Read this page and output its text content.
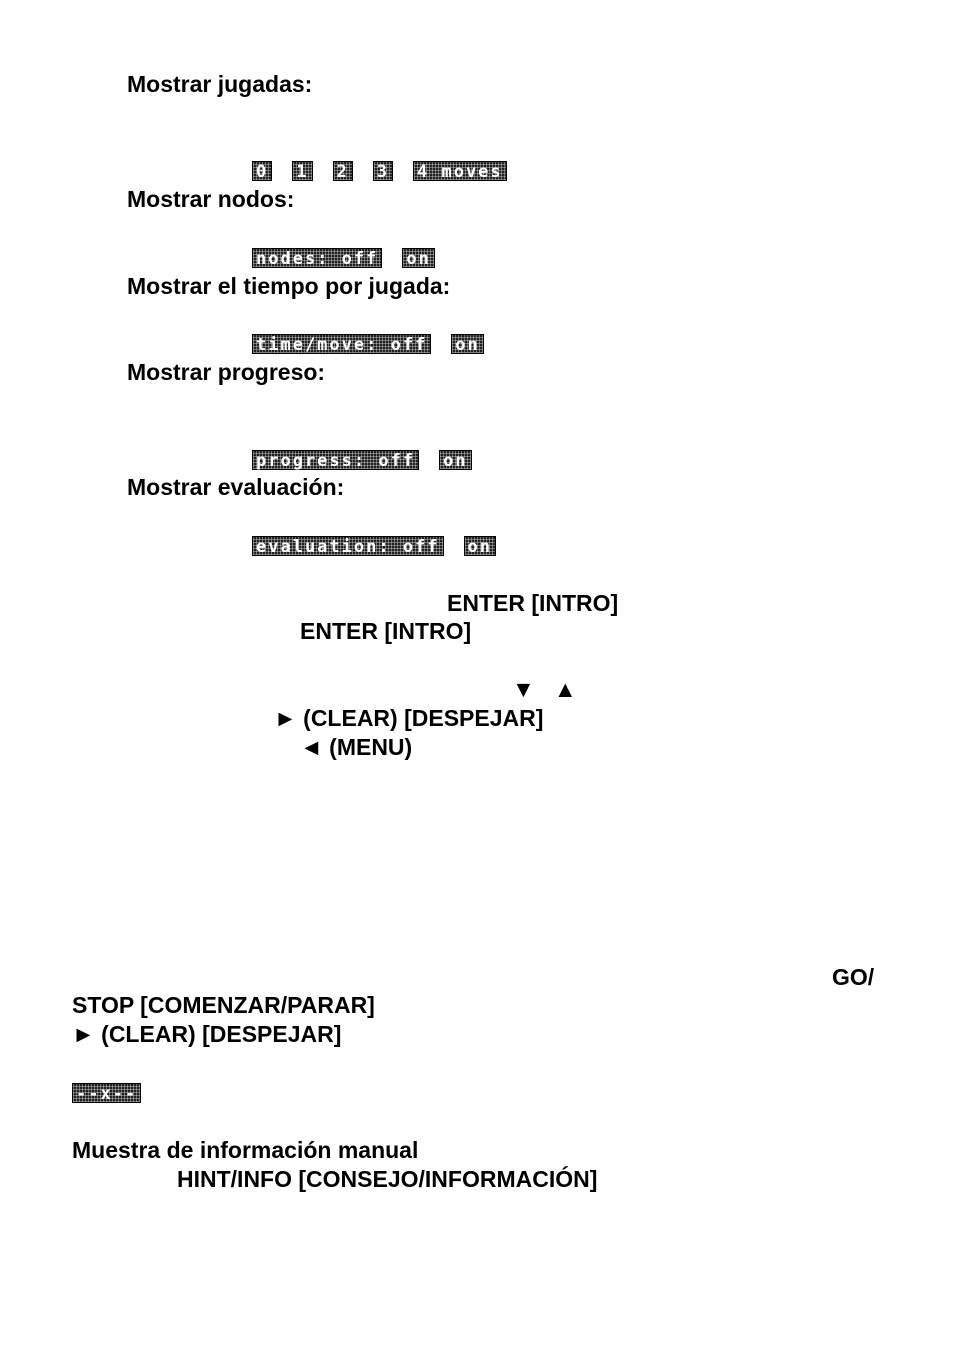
Mostrar jugadas:
0 1 2 3 4 moves
Mostrar nodos:
nodes: off on
Mostrar el tiempo por jugada:
time/move: off on
Mostrar progreso:
progress: off on
Mostrar evaluación:
evaluation: off on
ENTER [INTRO]
ENTER [INTRO]
▼   ▲
► (CLEAR) [DESPEJAR]
◄ (MENU)
GO/
STOP [COMENZAR/PARAR]
► (CLEAR) [DESPEJAR]
--x--
Muestra de información manual
HINT/INFO [CONSEJO/INFORMACIÓN]
